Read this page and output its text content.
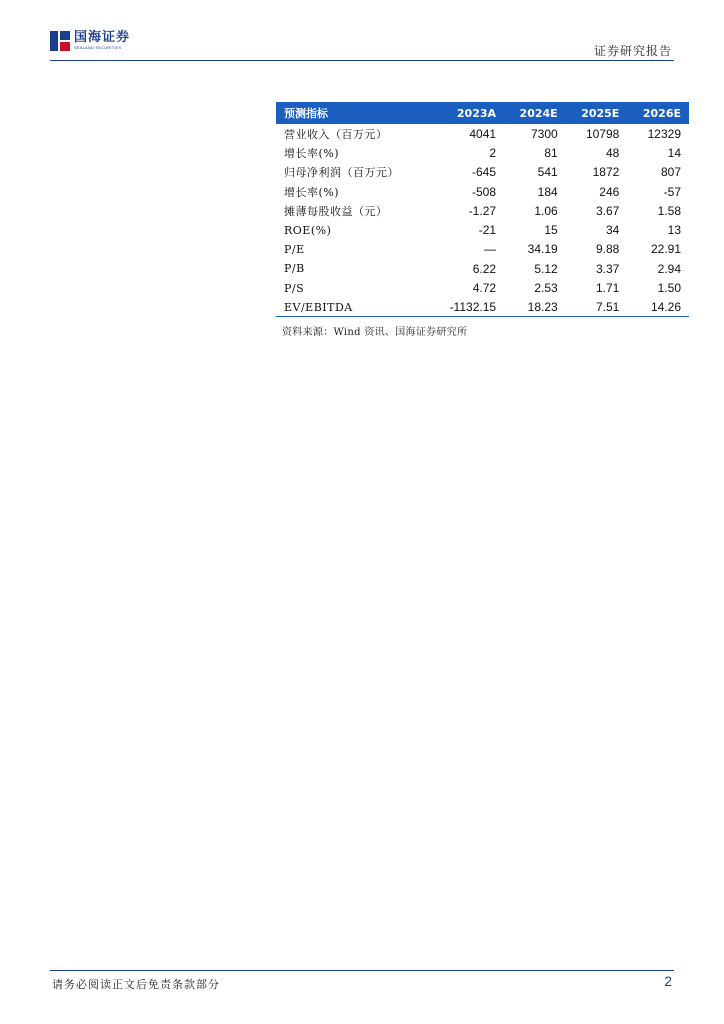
国海证券
SEALAND SECURITIES	证券研究报告
预测指标	2023A	2024E	2025E	2026E
营业收入（百万元）	4041	7300	10798	12329
增长率(%)	2	81	48	14
归母净利润（百万元）	-645	541	1872	807
增长率(%)	-508	184	246	-57
摊薄每股收益（元）	-1.27	1.06	3.67	1.58
ROE(%)	-21	15	34	13
P/E	—	34.19	9.88	22.91
P/B	6.22	5.12	3.37	2.94
P/S	4.72	2.53	1.71	1.50
EV/EBITDA	-1132.15	18.23	7.51	14.26
资料来源：Wind 资讯、国海证券研究所
请务必阅读正文后免责条款部分	2
